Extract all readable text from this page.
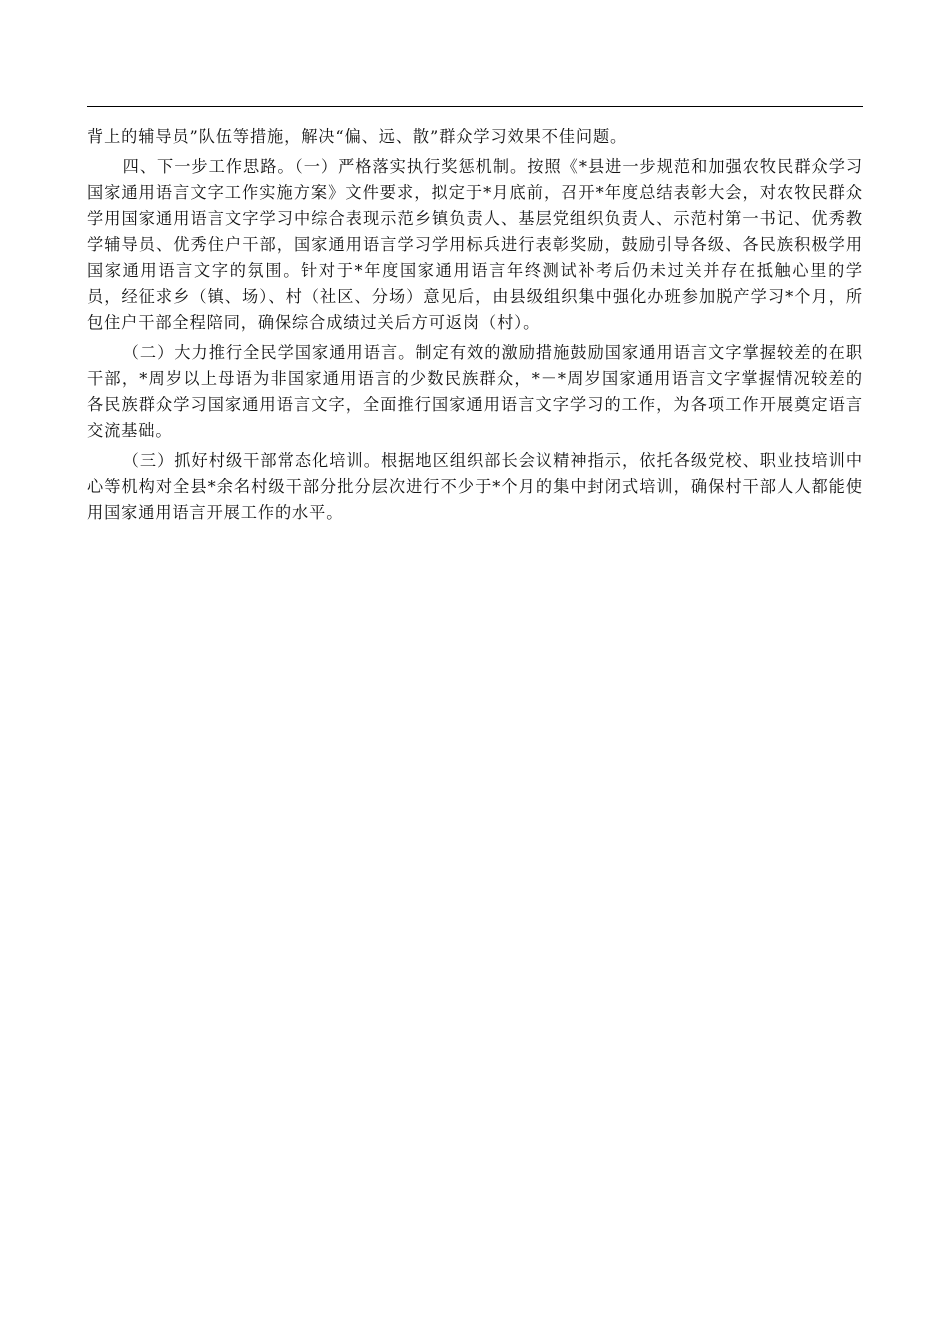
背上的辅导员”队伍等措施，解决“偏、远、散”群众学习效果不佳问题。

四、下一步工作思路。（一）严格落实执行奖惩机制。按照《*县进一步规范和加强农牧民群众学习国家通用语言文字工作实施方案》文件要求，拟定于*月底前，召开*年度总结表彰大会，对农牧民群众学用国家通用语言文字学习中综合表现示范乡镇负责人、基层党组织负责人、示范村第一书记、优秀教学辅导员、优秀住户干部，国家通用语言学习学用标兵进行表彰奖励，鼓励引导各级、各民族积极学用国家通用语言文字的氛围。针对于*年度国家通用语言年终测试补考后仍未过关并存在抵触心里的学员，经征求乡（镇、场）、村（社区、分场）意见后，由县级组织集中强化办班参加脱产学习*个月，所包住户干部全程陪同，确保综合成绩过关后方可返岗（村）。

（二）大力推行全民学国家通用语言。制定有效的激励措施鼓励国家通用语言文字掌握较差的在职干部，*周岁以上母语为非国家通用语言的少数民族群众，*－*周岁国家通用语言文字掌握情况较差的各民族群众学习国家通用语言文字，全面推行国家通用语言文字学习的工作，为各项工作开展奠定语言交流基础。

（三）抓好村级干部常态化培训。根据地区组织部长会议精神指示，依托各级党校、职业技培训中心等机构对全县*余名村级干部分批分层次进行不少于*个月的集中封闭式培训，确保村干部人人都能使用国家通用语言开展工作的水平。
